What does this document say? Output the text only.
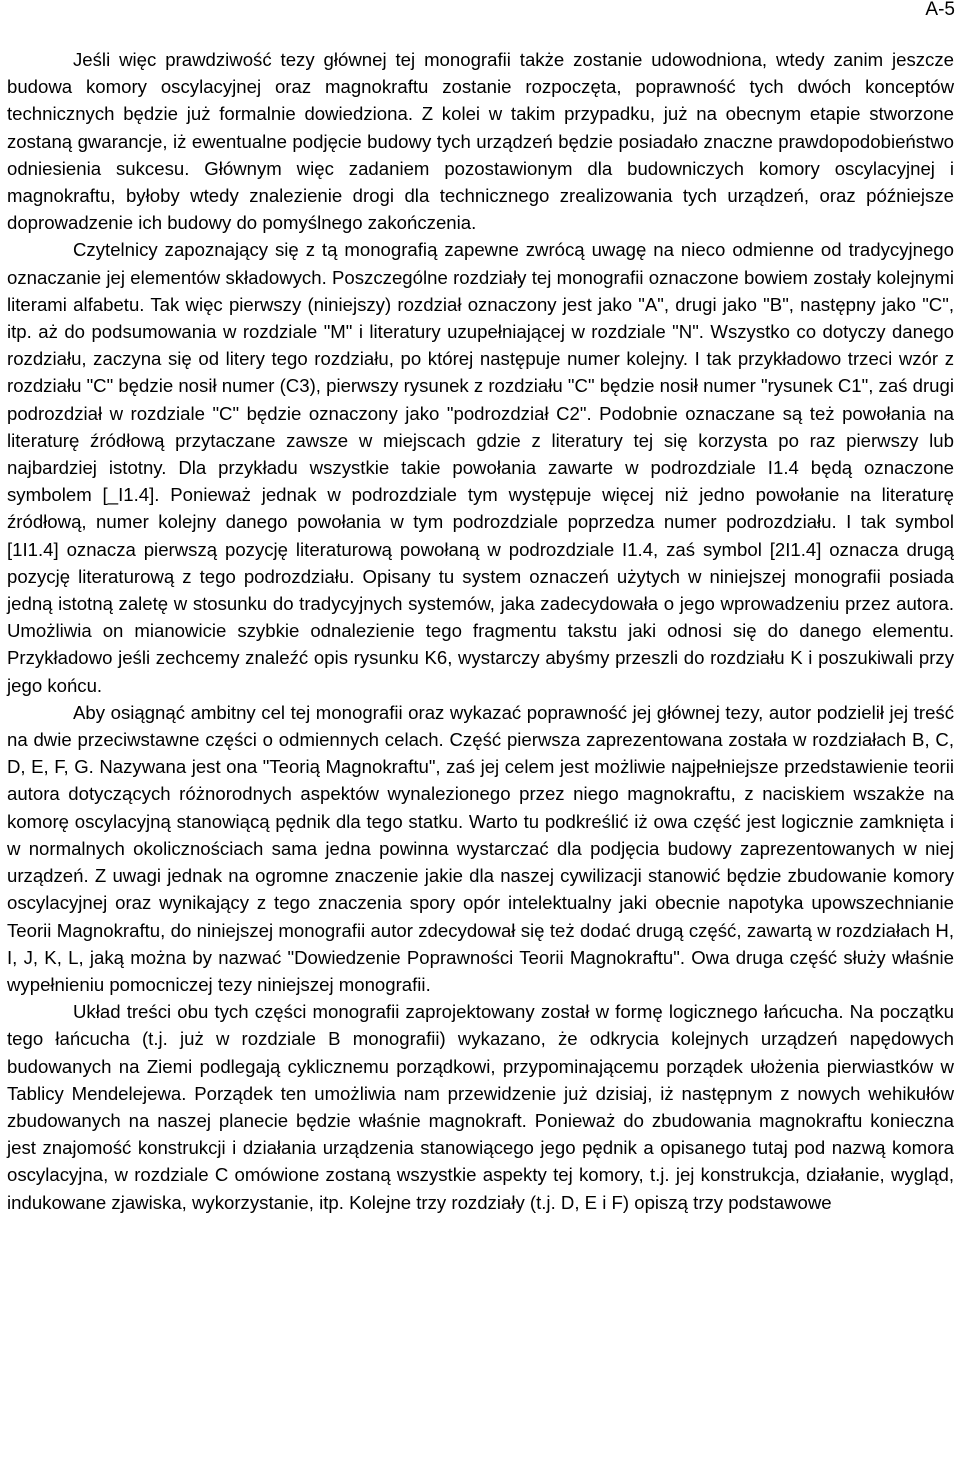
A-5

Jeśli więc prawdziwość tezy głównej tej monografii także zostanie udowodniona, wtedy zanim jeszcze budowa komory oscylacyjnej oraz magnokraftu zostanie rozpoczęta, poprawność tych dwóch konceptów technicznych będzie już formalnie dowiedziona. Z kolei w takim przypadku, już na obecnym etapie stworzone zostaną gwarancje, iż ewentualne podjęcie budowy tych urządzeń będzie posiadało znaczne prawdopodobieństwo odniesienia sukcesu. Głównym więc zadaniem pozostawionym dla budowniczych komory oscylacyjnej i magnokraftu, byłoby wtedy znalezienie drogi dla technicznego zrealizowania tych urządzeń, oraz późniejsze doprowadzenie ich budowy do pomyślnego zakończenia.

Czytelnicy zapoznający się z tą monografią zapewne zwrócą uwagę na nieco odmienne od tradycyjnego oznaczanie jej elementów składowych. Poszczególne rozdziały tej monografii oznaczone bowiem zostały kolejnymi literami alfabetu. Tak więc pierwszy (niniejszy) rozdział oznaczony jest jako "A", drugi jako "B", następny jako "C", itp. aż do podsumowania w rozdziale "M" i literatury uzupełniającej w rozdziale "N". Wszystko co dotyczy danego rozdziału, zaczyna się od litery tego rozdziału, po której następuje numer kolejny. I tak przykładowo trzeci wzór z rozdziału "C" będzie nosił numer (C3), pierwszy rysunek z rozdziału "C" będzie nosił numer "rysunek C1", zaś drugi podrozdział w rozdziale "C" będzie oznaczony jako "podrozdział C2". Podobnie oznaczane są też powołania na literaturę źródłową przytaczane zawsze w miejscach gdzie z literatury tej się korzysta po raz pierwszy lub najbardziej istotny. Dla przykładu wszystkie takie powołania zawarte w podrozdziale I1.4 będą oznaczone symbolem [_I1.4]. Ponieważ jednak w podrozdziale tym występuje więcej niż jedno powołanie na literaturę źródłową, numer kolejny danego powołania w tym podrozdziale poprzedza numer podrozdziału. I tak symbol [1I1.4] oznacza pierwszą pozycję literaturową powołaną w podrozdziale I1.4, zaś symbol [2I1.4] oznacza drugą pozycję literaturową z tego podrozdziału. Opisany tu system oznaczeń użytych w niniejszej monografii posiada jedną istotną zaletę w stosunku do tradycyjnych systemów, jaka zadecydowała o jego wprowadzeniu przez autora. Umożliwia on mianowicie szybkie odnalezienie tego fragmentu takstu jaki odnosi się do danego elementu. Przykładowo jeśli zechcemy znaleźć opis rysunku K6, wystarczy abyśmy przeszli do rozdziału K i poszukiwali przy jego końcu.

Aby osiągnąć ambitny cel tej monografii oraz wykazać poprawność jej głównej tezy, autor podzielił jej treść na dwie przeciwstawne części o odmiennych celach. Część pierwsza zaprezentowana została w rozdziałach B, C, D, E, F, G. Nazywana jest ona "Teorią Magnokraftu", zaś jej celem jest możliwie najpełniejsze przedstawienie teorii autora dotyczących różnorodnych aspektów wynalezionego przez niego magnokraftu, z naciskiem wszakże na komorę oscylacyjną stanowiącą pędnik dla tego statku. Warto tu podkreślić iż owa część jest logicznie zamknięta i w normalnych okolicznościach sama jedna powinna wystarczać dla podjęcia budowy zaprezentowanych w niej urządzeń. Z uwagi jednak na ogromne znaczenie jakie dla naszej cywilizacji stanowić będzie zbudowanie komory oscylacyjnej oraz wynikający z tego znaczenia spory opór intelektualny jaki obecnie napotyka upowszechnianie Teorii Magnokraftu, do niniejszej monografii autor zdecydował się też dodać drugą część, zawartą w rozdziałach H, I, J, K, L, jaką można by nazwać "Dowiedzenie Poprawności Teorii Magnokraftu". Owa druga część służy właśnie wypełnieniu pomocniczej tezy niniejszej monografii.

Układ treści obu tych części monografii zaprojektowany został w formę logicznego łańcucha. Na początku tego łańcucha (t.j. już w rozdziale B monografii) wykazano, że odkrycia kolejnych urządzeń napędowych budowanych na Ziemi podlegają cyklicznemu porządkowi, przypominającemu porządek ułożenia pierwiastków w Tablicy Mendelejewa. Porządek ten umożliwia nam przewidzenie już dzisiaj, iż następnym z nowych wehikułów zbudowanych na naszej planecie będzie właśnie magnokraft. Ponieważ do zbudowania magnokraftu konieczna jest znajomość konstrukcji i działania urządzenia stanowiącego jego pędnik a opisanego tutaj pod nazwą komora oscylacyjna, w rozdziale C omówione zostaną wszystkie aspekty tej komory, t.j. jej konstrukcja, działanie, wygląd, indukowane zjawiska, wykorzystanie, itp. Kolejne trzy rozdziały (t.j. D, E i F) opiszą trzy podstawowe
